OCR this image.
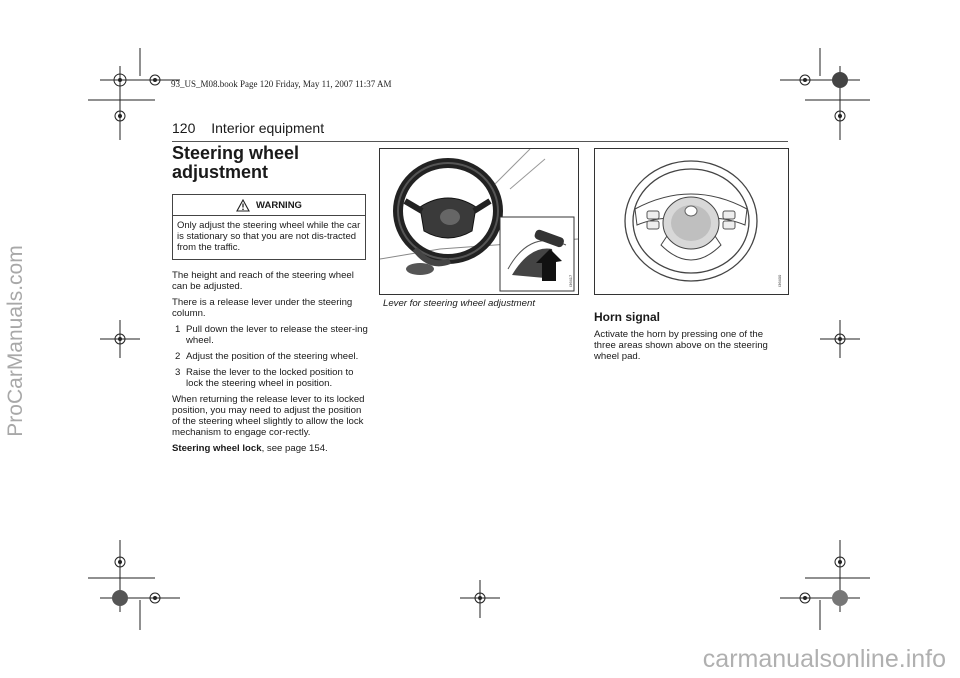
ProCarManuals.com
93_US_M08.book Page 120 Friday, May 11, 2007 11:37 AM
120 Interior equipment
Steering wheel adjustment
WARNING
Only adjust the steering wheel while the car is stationary so that you are not dis-tracted from the traffic.

The height and reach of the steering wheel can be adjusted.

There is a release lever under the steering column.

1 Pull down the lever to release the steer-ing wheel.
2 Adjust the position of the steering wheel.
3 Raise the lever to the locked position to lock the steering wheel in position.

When returning the release lever to its locked position, you may need to adjust the position of the steering wheel slightly to allow the lock mechanism to engage cor-rectly.

Steering wheel lock, see page 154.

I36417
Lever for steering wheel adjustment
I36400
Horn signal

Activate the horn by pressing one of the three areas shown above on the steering wheel pad.

carmanualsonline.info
